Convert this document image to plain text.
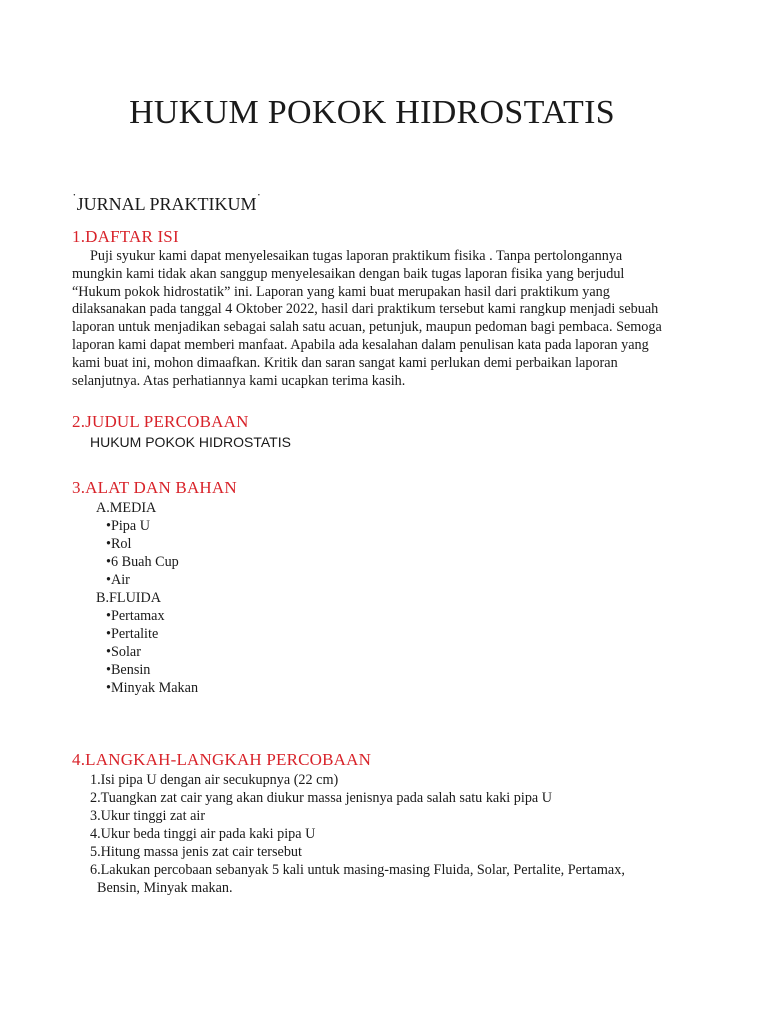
HUKUM POKOK HIDROSTATIS
˙JURNAL PRAKTIKUM˙
1.DAFTAR ISI

Puji syukur kami dapat menyelesaikan tugas laporan praktikum fisika . Tanpa pertolongannya mungkin kami tidak akan sanggup menyelesaikan dengan baik tugas laporan fisika yang berjudul “Hukum pokok hidrostatik” ini. Laporan yang kami buat merupakan hasil dari praktikum yang dilaksanakan pada tanggal 4 Oktober 2022, hasil dari praktikum tersebut kami rangkup menjadi sebuah laporan untuk menjadikan sebagai salah satu acuan, petunjuk, maupun pedoman bagi pembaca. Semoga laporan kami dapat memberi manfaat. Apabila ada kesalahan dalam penulisan kata pada laporan yang kami buat ini, mohon dimaafkan. Kritik dan saran sangat kami perlukan demi perbaikan laporan selanjutnya. Atas perhatiannya kami ucapkan terima kasih.

2.JUDUL PERCOBAAN

HUKUM POKOK HIDROSTATIS

3.ALAT DAN BAHAN

A.MEDIA

•Pipa U

•Rol

•6 Buah Cup

•Air

B.FLUIDA

•Pertamax

•Pertalite

•Solar

•Bensin

•Minyak Makan

4.LANGKAH-LANGKAH PERCOBAAN

1.Isi pipa U dengan air secukupnya (22 cm)

2.Tuangkan zat cair yang akan diukur massa jenisnya pada salah satu kaki pipa U

3.Ukur tinggi zat air

4.Ukur beda tinggi air pada kaki pipa U

5.Hitung massa jenis zat cair tersebut

6.Lakukan percobaan sebanyak 5 kali untuk masing-masing Fluida, Solar, Pertalite, Pertamax,

Bensin, Minyak makan.
